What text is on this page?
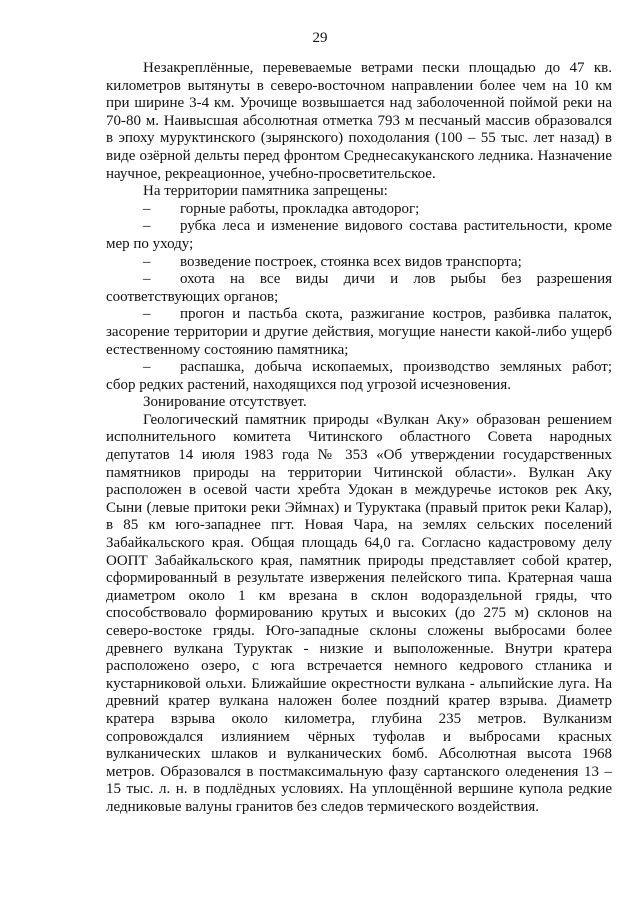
29

Незакреплённые, перевеваемые ветрами пески площадью до 47 кв. километров вытянуты в северо-восточном направлении более чем на 10 км при ширине 3-4 км. Урочище возвышается над заболоченной поймой реки на 70-80 м. Наивысшая абсолютная отметка 793 м песчаный массив образовался в эпоху муруктинского (зырянского) походолания (100 – 55 тыс. лет назад) в виде озёрной дельты перед фронтом Среднесакуканского ледника. Назначение научное, рекреационное, учебно-просветительское.

На территории памятника запрещены:

– горные работы, прокладка автодорог;

– рубка леса и изменение видового состава растительности, кроме мер по уходу;

– возведение построек, стоянка всех видов транспорта;

– охота на все виды дичи и лов рыбы без разрешения соответствующих органов;

– прогон и пастьба скота, разжигание костров, разбивка палаток, засорение территории и другие действия, могущие нанести какой-либо ущерб естественному состоянию памятника;

– распашка, добыча ископаемых, производство земляных работ; сбор редких растений, находящихся под угрозой исчезновения.

Зонирование отсутствует.

Геологический памятник природы «Вулкан Аку» образован решением исполнительного комитета Читинского областного Совета народных депутатов 14 июля 1983 года № 353 «Об утверждении государственных памятников природы на территории Читинской области». Вулкан Аку расположен в осевой части хребта Удокан в междуречье истоков рек Аку, Сыни (левые притоки реки Эймнах) и Туруктака (правый приток реки Калар), в 85 км юго-западнее пгт. Новая Чара, на землях сельских поселений Забайкальского края. Общая площадь 64,0 га. Согласно кадастровому делу ООПТ Забайкальского края, памятник природы представляет собой кратер, сформированный в результате извержения пелейского типа. Кратерная чаша диаметром около 1 км врезана в склон водораздельной гряды, что способствовало формированию крутых и высоких (до 275 м) склонов на северо-востоке гряды. Юго-западные склоны сложены выбросами более древнего вулкана Туруктак - низкие и выположенные. Внутри кратера расположено озеро, с юга встречается немного кедрового стланика и кустарниковой ольхи. Ближайшие окрестности вулкана - альпийские луга. На древний кратер вулкана наложен более поздний кратер взрыва. Диаметр кратера взрыва около километра, глубина 235 метров. Вулканизм сопровождался излиянием чёрных туфолав и выбросами красных вулканических шлаков и вулканических бомб. Абсолютная высота 1968 метров. Образовался в постмаксимальную фазу сартанского оледенения 13 – 15 тыс. л. н. в подлёдных условиях. На уплощённой вершине купола редкие ледниковые валуны гранитов без следов термического воздействия.
